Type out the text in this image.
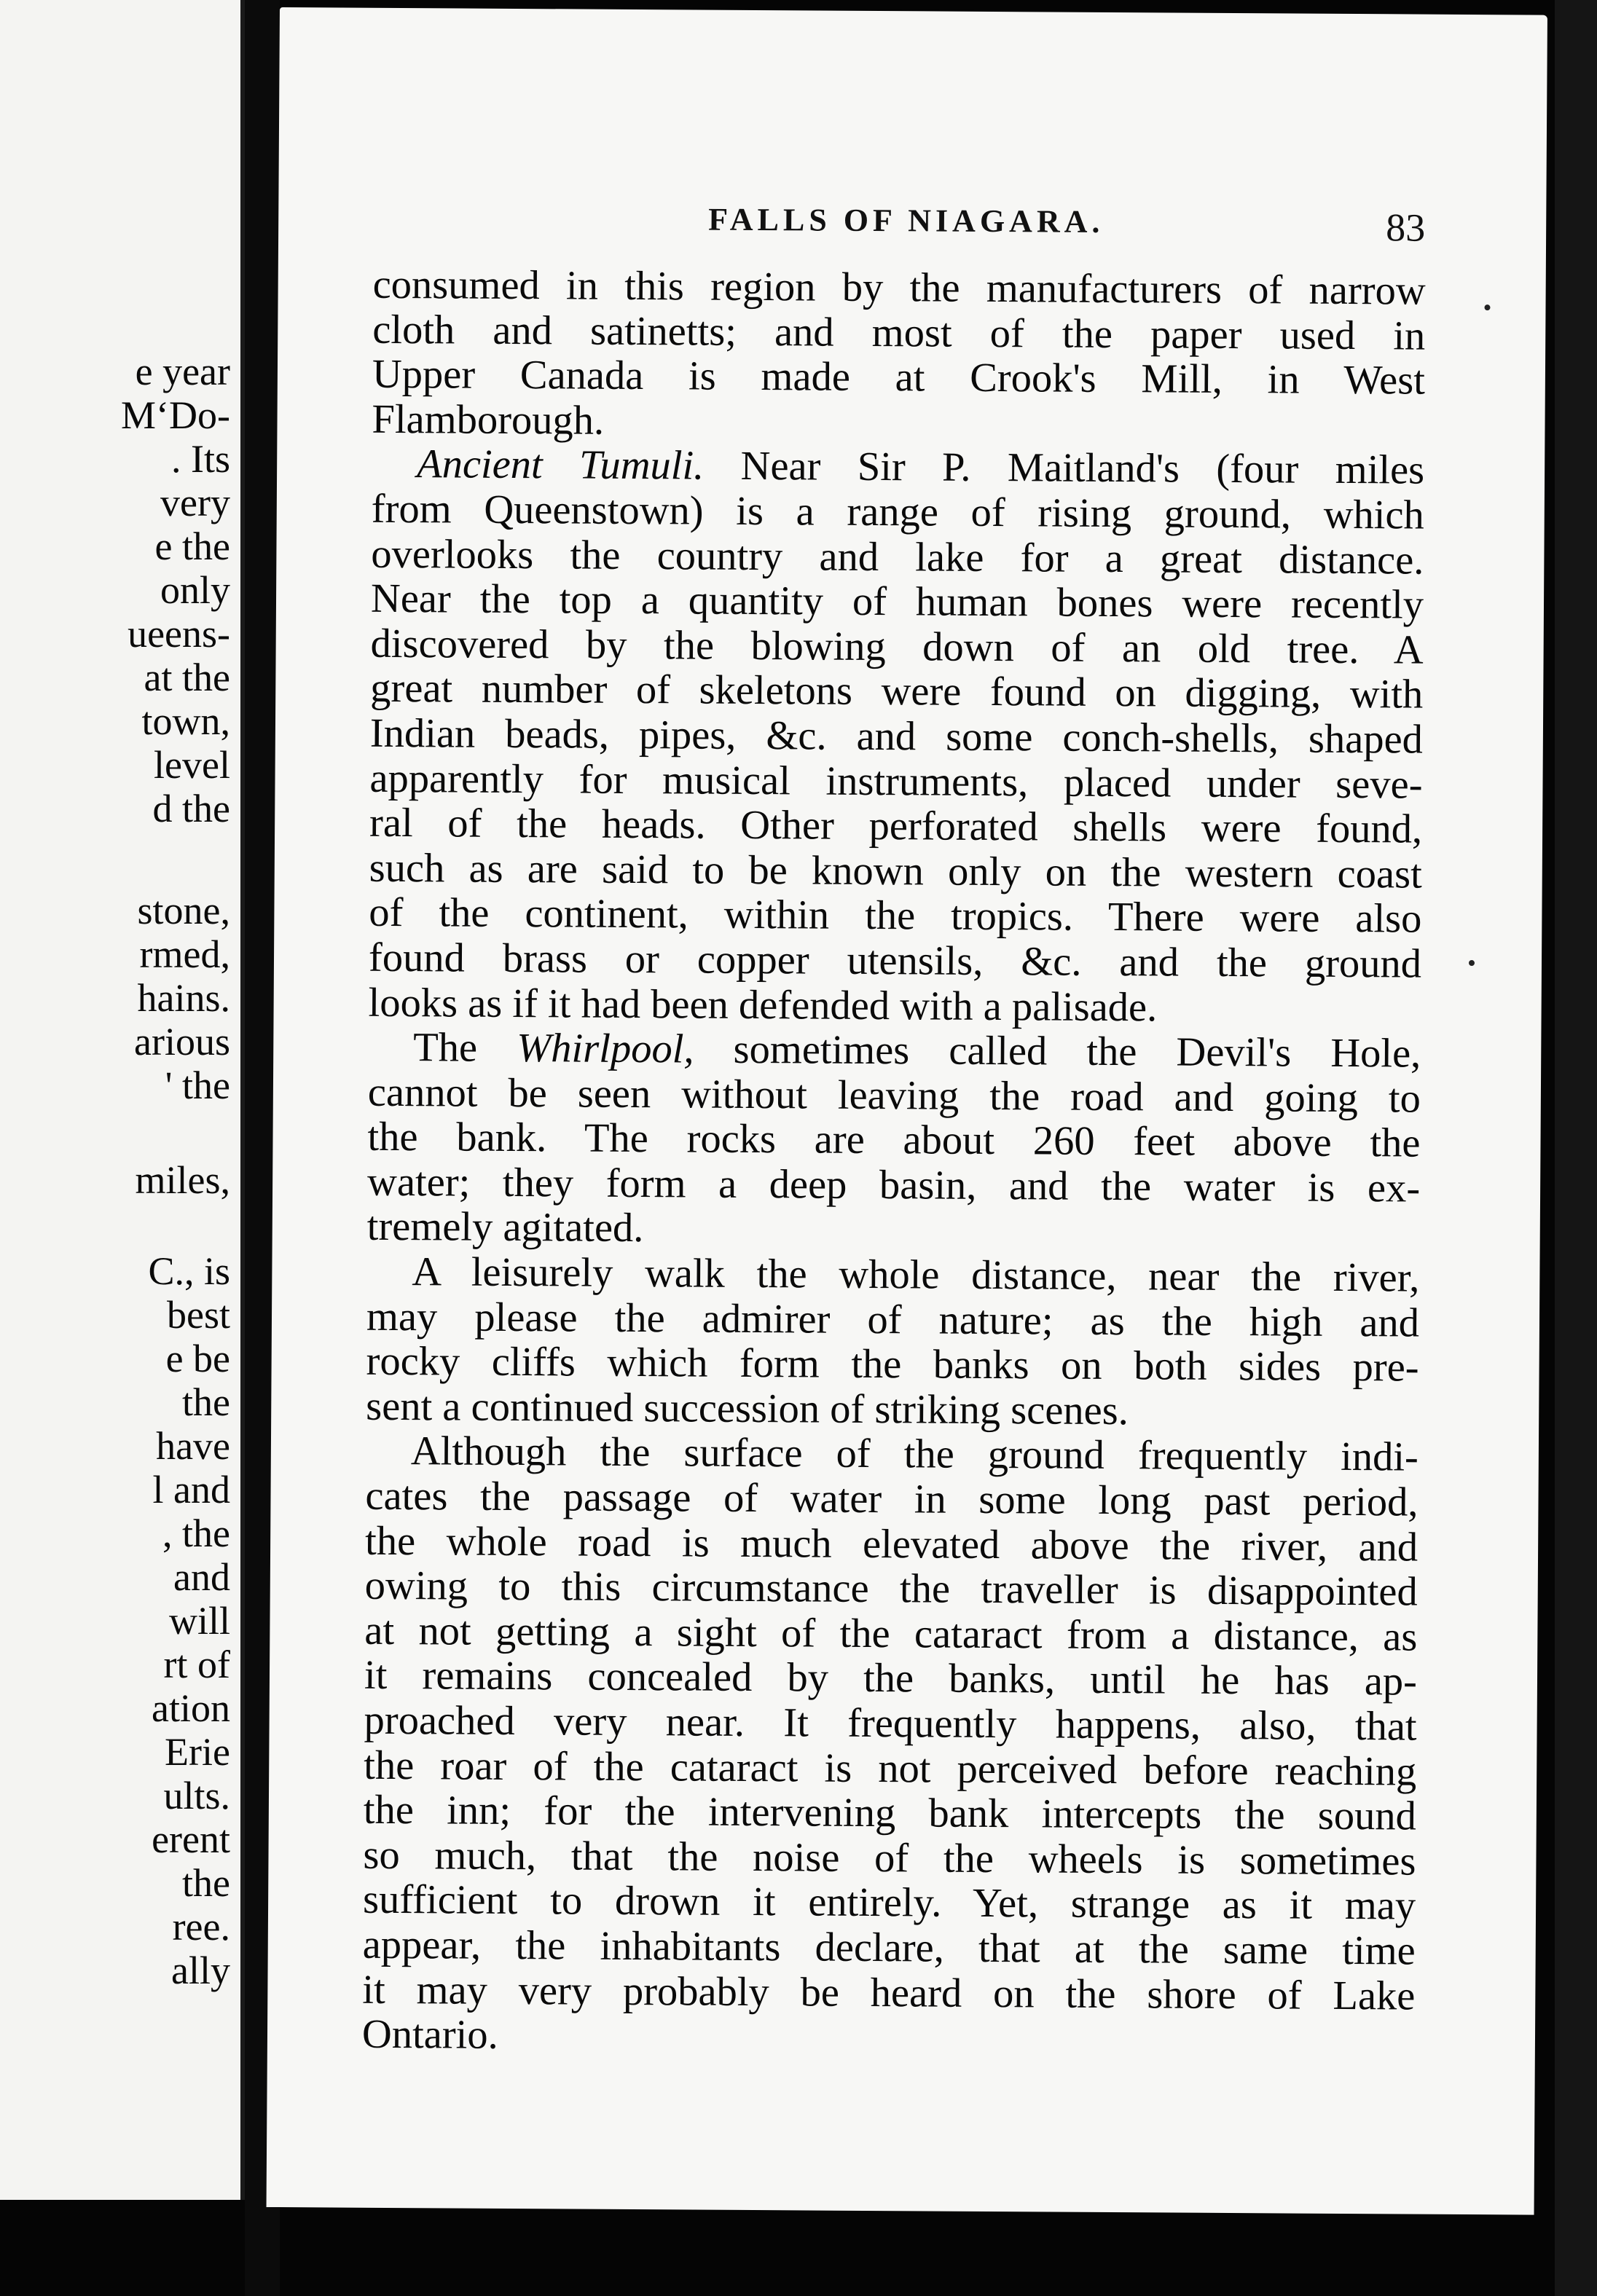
e year
M‘Do-
. Its
very
e the
only
ueens-
at the
town,
level
d the
stone,
rmed,
hains.
arious
' the
miles,
C., is
best
e be
the
have
l and
, the
and
will
rt of
ation
Erie
ults.
erent
the
ree.
ally
FALLS OF NIAGARA.	83
consumed in this region by the manufacturers of narrow
cloth and satinetts; and most of the paper used in
Upper Canada is made at Crook's Mill, in West
Flamborough.
Ancient Tumuli. Near Sir P. Maitland's (four miles
from Queenstown) is a range of rising ground, which
overlooks the country and lake for a great distance.
Near the top a quantity of human bones were recently
discovered by the blowing down of an old tree. A
great number of skeletons were found on digging, with
Indian beads, pipes, &c. and some conch-shells, shaped
apparently for musical instruments, placed under seve-
ral of the heads. Other perforated shells were found,
such as are said to be known only on the western coast
of the continent, within the tropics. There were also
found brass or copper utensils, &c. and the ground
looks as if it had been defended with a palisade.
The Whirlpool, sometimes called the Devil's Hole,
cannot be seen without leaving the road and going to
the bank. The rocks are about 260 feet above the
water; they form a deep basin, and the water is ex-
tremely agitated.
A leisurely walk the whole distance, near the river,
may please the admirer of nature; as the high and
rocky cliffs which form the banks on both sides pre-
sent a continued succession of striking scenes.
Although the surface of the ground frequently indi-
cates the passage of water in some long past period,
the whole road is much elevated above the river, and
owing to this circumstance the traveller is disappointed
at not getting a sight of the cataract from a distance, as
it remains concealed by the banks, until he has ap-
proached very near. It frequently happens, also, that
the roar of the cataract is not perceived before reaching
the inn; for the intervening bank intercepts the sound
so much, that the noise of the wheels is sometimes
sufficient to drown it entirely. Yet, strange as it may
appear, the inhabitants declare, that at the same time
it may very probably be heard on the shore of Lake
Ontario.
